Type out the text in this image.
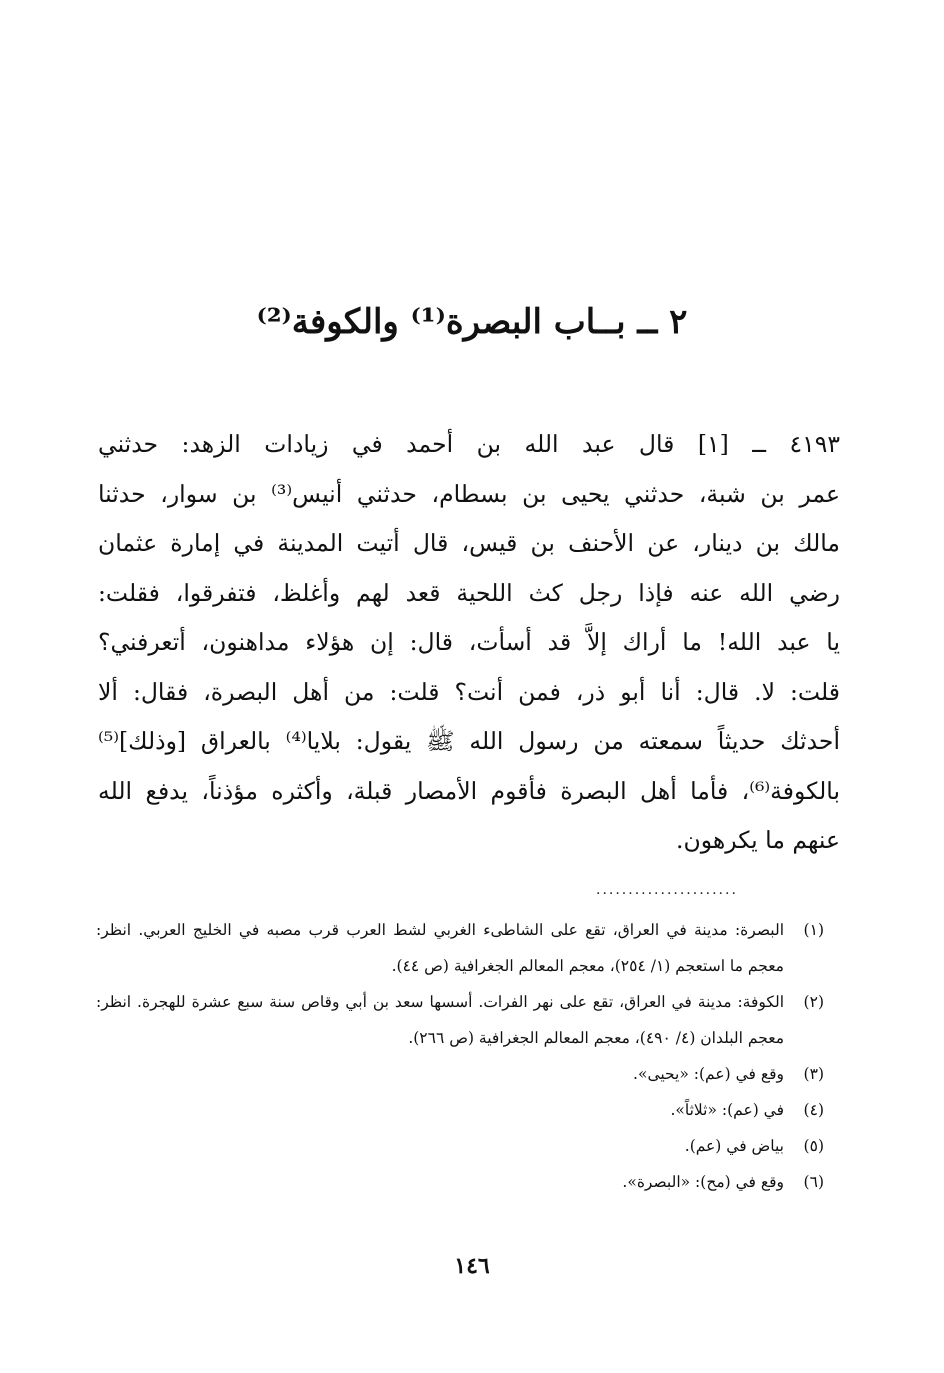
٢ ــ بــاب البصرة⁽¹⁾ والكوفة⁽²⁾
٤١٩٣ ــ [١] قال عبد الله بن أحمد في زيادات الزهد: حدثني
عمر بن شبة، حدثني يحيى بن بسطام، حدثني أنيس⁽³⁾ بن سوار، حدثنا
مالك بن دينار، عن الأحنف بن قيس، قال أتيت المدينة في إمارة عثمان
رضي الله عنه فإذا رجل كث اللحية قعد لهم وأغلظ، فتفرقوا، فقلت:
يا عبد الله! ما أراك إلاَّ قد أسأت، قال: إن هؤلاء مداهنون، أتعرفني؟
قلت: لا. قال: أنا أبو ذر، فمن أنت؟ قلت: من أهل البصرة، فقال: ألا
أحدثك حديثاً سمعته من رسول الله ﷺ يقول: بلايا⁽⁴⁾ بالعراق [وذلك]⁽⁵⁾
بالكوفة⁽⁶⁾، فأما أهل البصرة فأقوم الأمصار قبلة، وأكثره مؤذناً، يدفع الله
عنهم ما يكرهون.
......................
(١)
البصرة: مدينة في العراق، تقع على الشاطىء الغربي لشط العرب قرب مصبه في الخليج العربي. انظر: معجم ما استعجم (١/ ٢٥٤)، معجم المعالم الجغرافية (ص ٤٤).
(٢)
الكوفة: مدينة في العراق، تقع على نهر الفرات. أسسها سعد بن أبي وقاص سنة سبع عشرة للهجرة. انظر: معجم البلدان (٤/ ٤٩٠)، معجم المعالم الجغرافية (ص ٢٦٦).
(٣)
وقع في (عم): «يحيى».
(٤)
في (عم): «ثلاثاً».
(٥)
بياض في (عم).
(٦)
وقع في (مح): «البصرة».
١٤٦
